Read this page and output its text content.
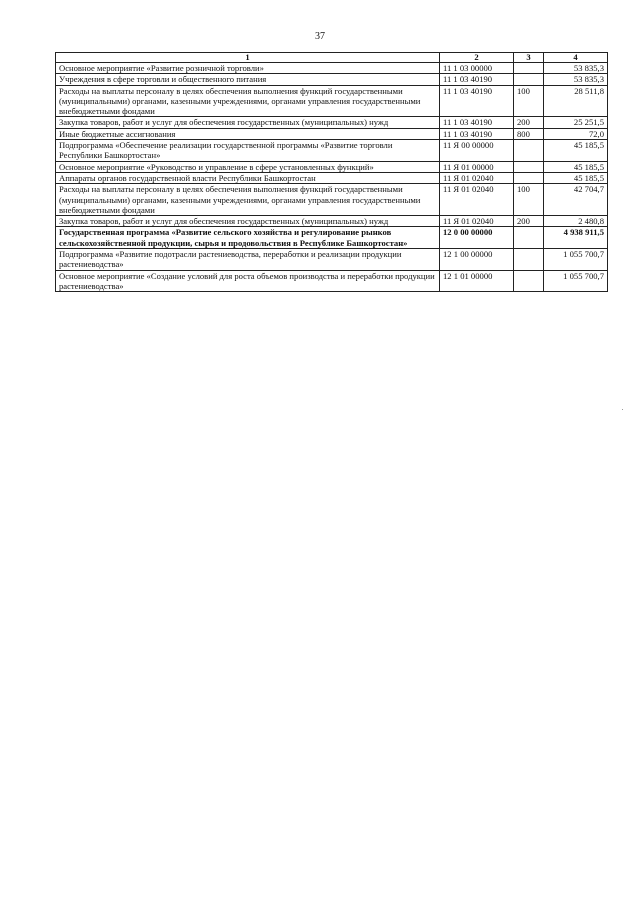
37
1	2	3	4
Основное мероприятие «Развитие розничной торговли»	11 1 03 00000		53 835,3
Учреждения в сфере торговли и общественного питания	11 1 03 40190		53 835,3
Расходы на выплаты персоналу в целях обеспечения выполнения функций государственными (муниципальными) органами, казенными учреждениями, органами управления государственными внебюджетными фондами	11 1 03 40190	100	28 511,8
Закупка товаров, работ и услуг для обеспечения государственных (муниципальных) нужд	11 1 03 40190	200	25 251,5
Иные бюджетные ассигнования	11 1 03 40190	800	72,0
Подпрограмма «Обеспечение реализации государственной программы «Развитие торговли Республики Башкортостан»	11 Я 00 00000		45 185,5
Основное мероприятие «Руководство и управление в сфере установленных функций»	11 Я 01 00000		45 185,5
Аппараты органов государственной власти Республики Башкортостан	11 Я 01 02040		45 185,5
Расходы на выплаты персоналу в целях обеспечения выполнения функций государственными (муниципальными) органами, казенными учреждениями, органами управления государственными внебюджетными фондами	11 Я 01 02040	100	42 704,7
Закупка товаров, работ и услуг для обеспечения государственных (муниципальных) нужд	11 Я 01 02040	200	2 480,8
Государственная программа «Развитие сельского хозяйства и регулирование рынков сельскохозяйственной продукции, сырья и продовольствия в Республике Башкортостан»	12 0 00 00000		4 938 911,5
Подпрограмма «Развитие подотрасли растениеводства, переработки и реализации продукции растениеводства»	12 1 00 00000		1 055 700,7
Основное мероприятие «Создание условий для роста объемов производства и переработки продукции растениеводства»	12 1 01 00000		1 055 700,7
